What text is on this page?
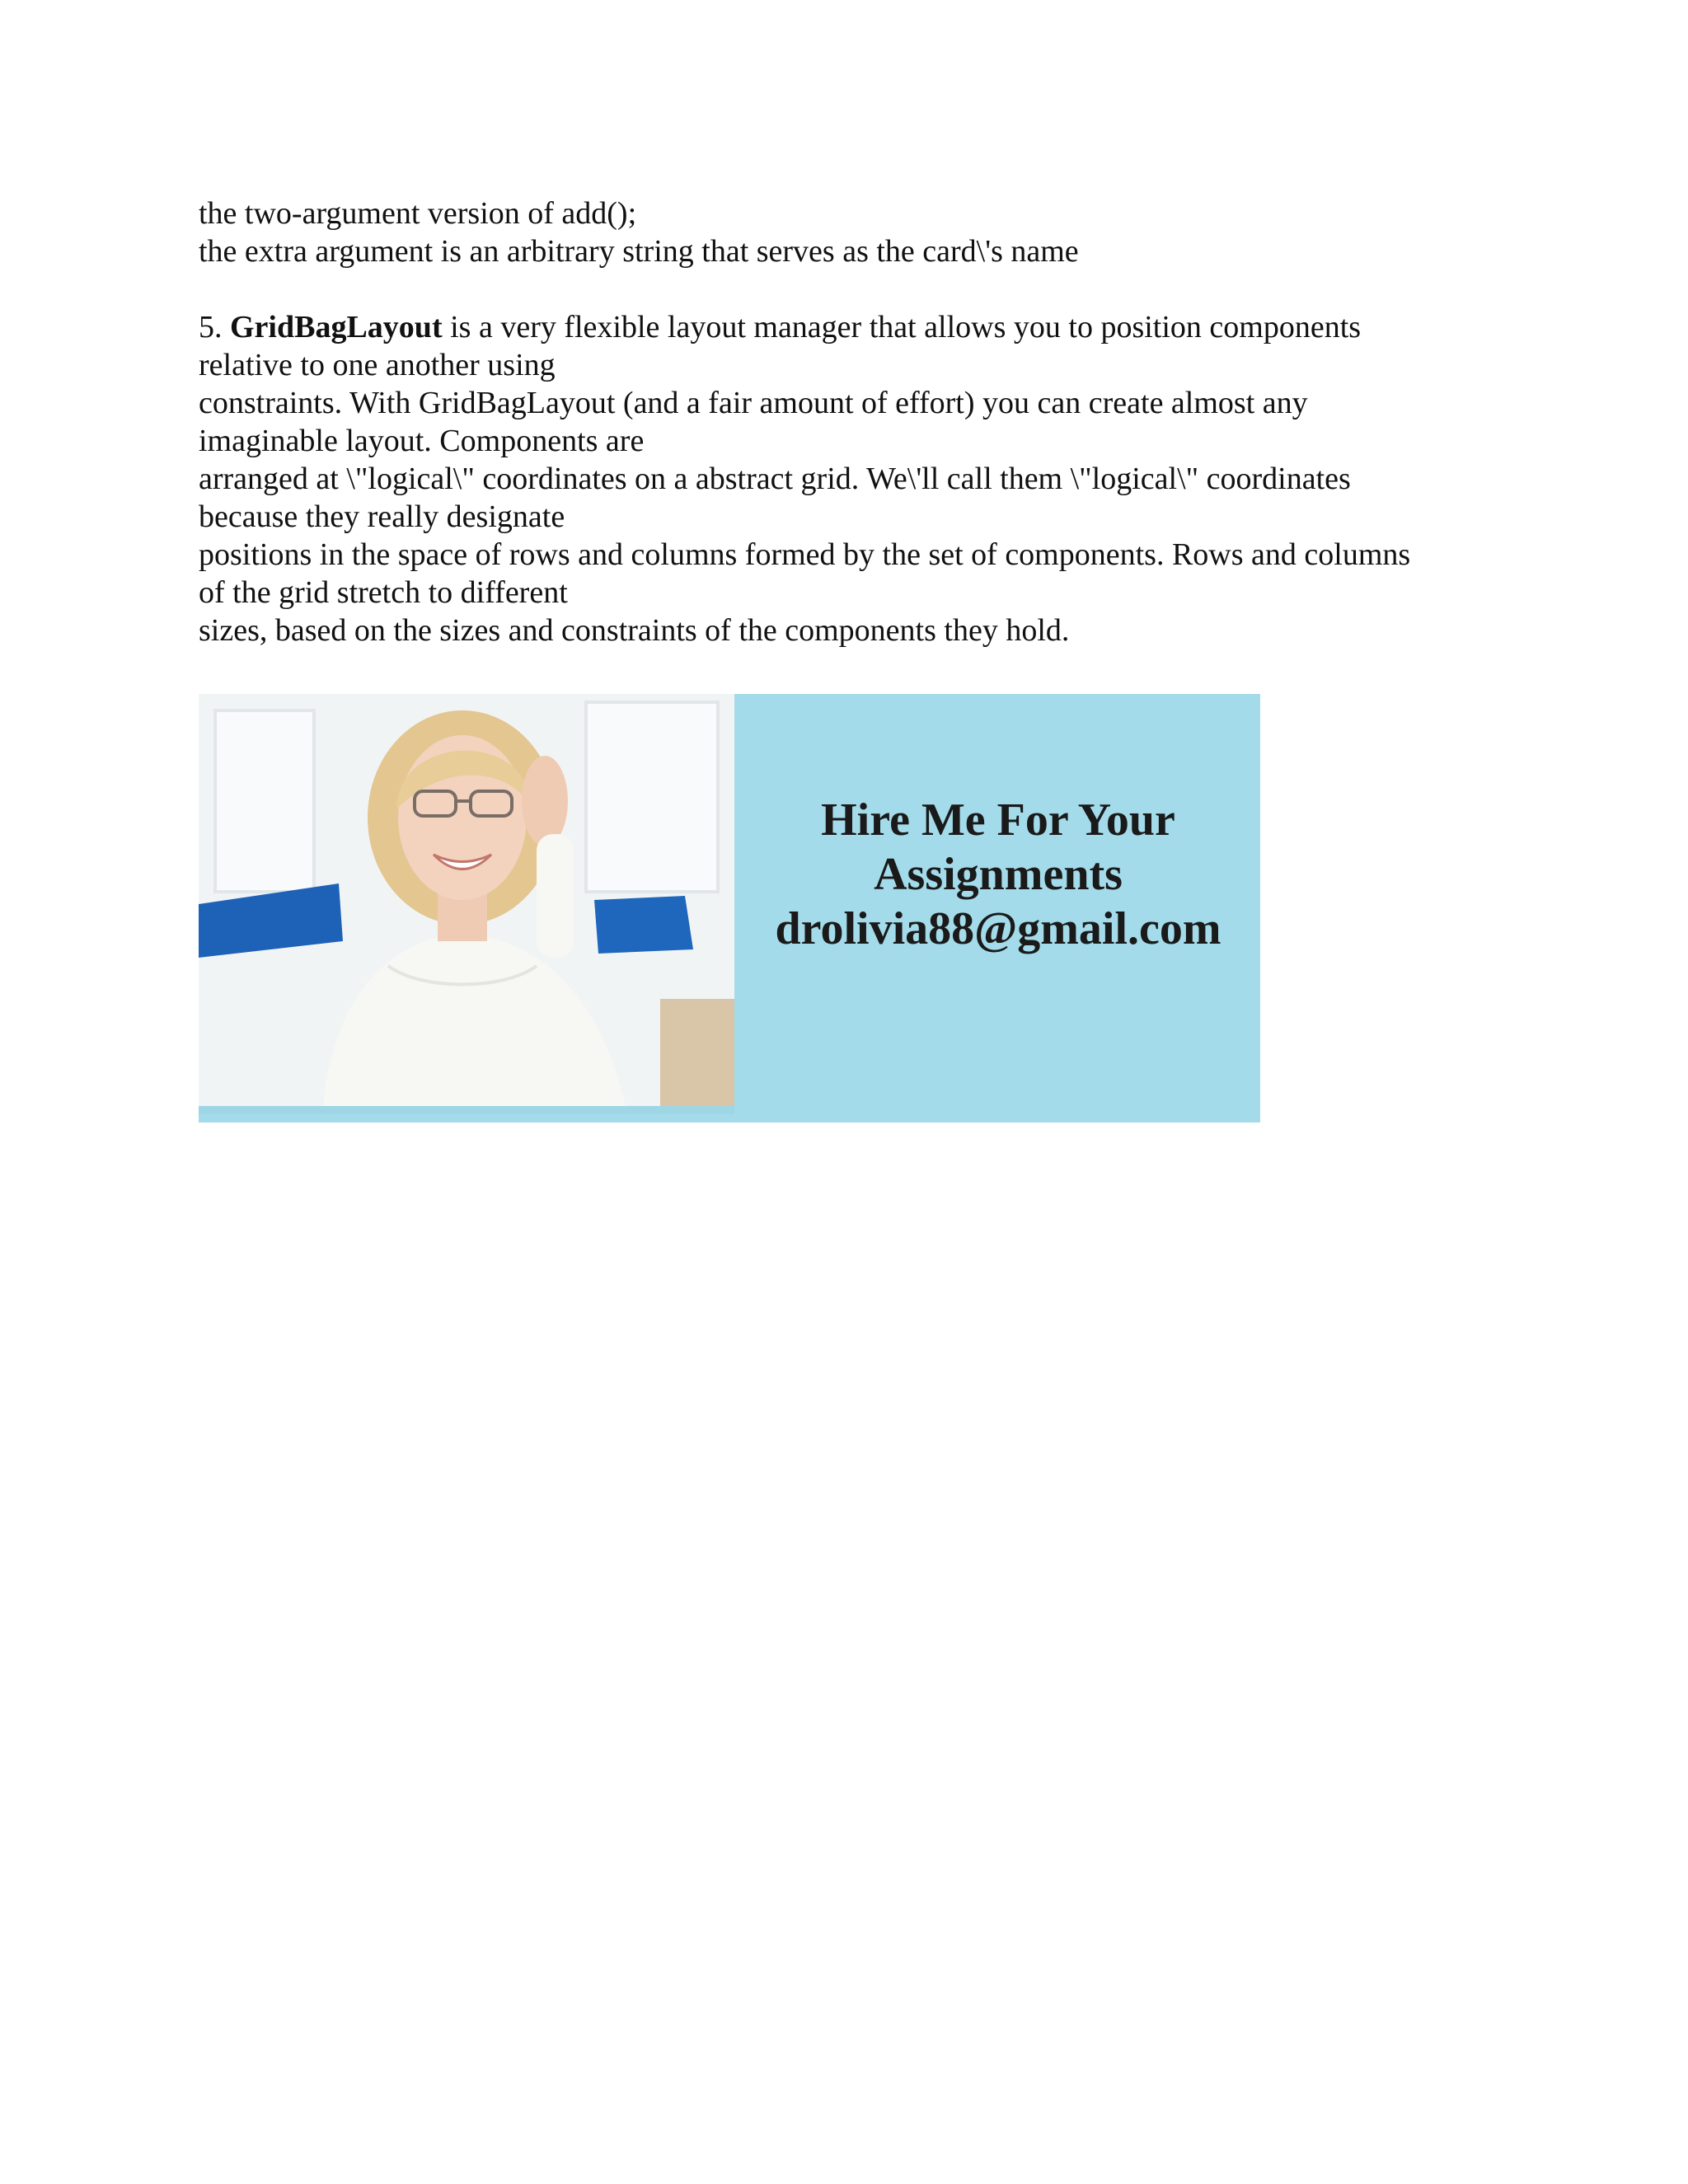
the two-argument version of add();
the extra argument is an arbitrary string that serves as the card\'s name
5. GridBagLayout is a very flexible layout manager that allows you to position components
relative to one another using
constraints. With GridBagLayout (and a fair amount of effort) you can create almost any
imaginable layout. Components are
arranged at \"logical\" coordinates on a abstract grid. We\'ll call them \"logical\" coordinates
because they really designate
positions in the space of rows and columns formed by the set of components. Rows and columns
of the grid stretch to different
sizes, based on the sizes and constraints of the components they hold.
Hire Me For Your
Assignments
drolivia88@gmail.com
